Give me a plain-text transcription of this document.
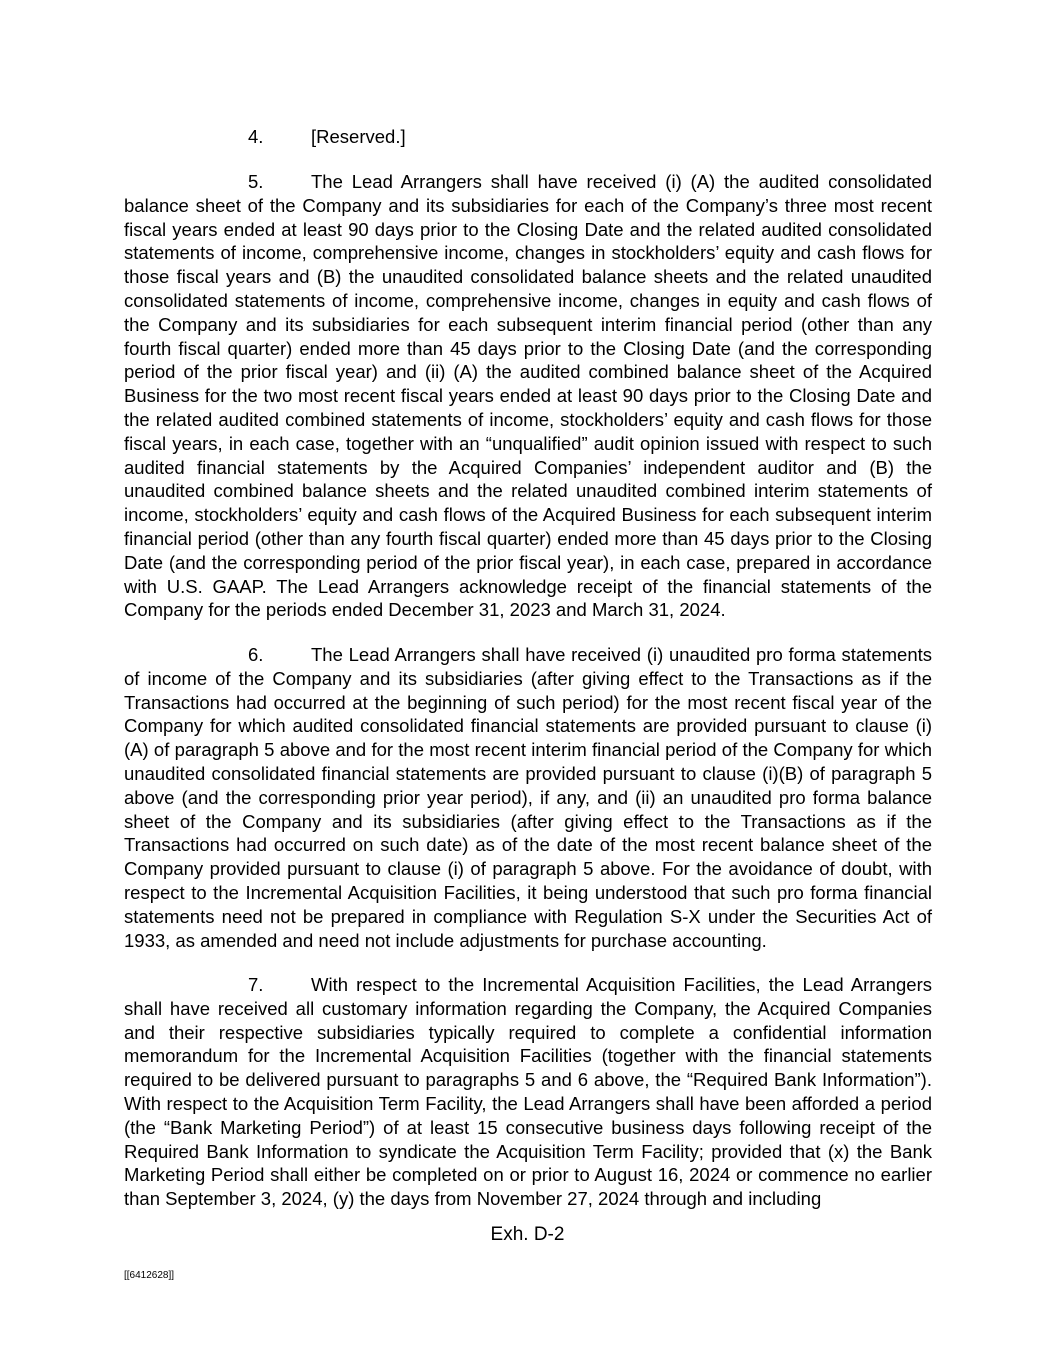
4.	[Reserved.]
5.	The Lead Arrangers shall have received (i) (A) the audited consolidated balance sheet of the Company and its subsidiaries for each of the Company’s three most recent fiscal years ended at least 90 days prior to the Closing Date and the related audited consolidated statements of income, comprehensive income, changes in stockholders’ equity and cash flows for those fiscal years and (B) the unaudited consolidated balance sheets and the related unaudited consolidated statements of income, comprehensive income, changes in equity and cash flows of the Company and its subsidiaries for each subsequent interim financial period (other than any fourth fiscal quarter) ended more than 45 days prior to the Closing Date (and the corresponding period of the prior fiscal year) and (ii) (A) the audited combined balance sheet of the Acquired Business for the two most recent fiscal years ended at least 90 days prior to the Closing Date and the related audited combined statements of income, stockholders’ equity and cash flows for those fiscal years, in each case, together with an “unqualified” audit opinion issued with respect to such audited financial statements by the Acquired Companies’ independent auditor and (B) the unaudited combined balance sheets and the related unaudited combined interim statements of income, stockholders’ equity and cash flows of the Acquired Business for each subsequent interim financial period (other than any fourth fiscal quarter) ended more than 45 days prior to the Closing Date (and the corresponding period of the prior fiscal year), in each case, prepared in accordance with U.S. GAAP. The Lead Arrangers acknowledge receipt of the financial statements of the Company for the periods ended December 31, 2023 and March 31, 2024.
6.	The Lead Arrangers shall have received (i) unaudited pro forma statements of income of the Company and its subsidiaries (after giving effect to the Transactions as if the Transactions had occurred at the beginning of such period) for the most recent fiscal year of the Company for which audited consolidated financial statements are provided pursuant to clause (i)(A) of paragraph 5 above and for the most recent interim financial period of the Company for which unaudited consolidated financial statements are provided pursuant to clause (i)(B) of paragraph 5 above (and the corresponding prior year period), if any, and (ii) an unaudited pro forma balance sheet of the Company and its subsidiaries (after giving effect to the Transactions as if the Transactions had occurred on such date) as of the date of the most recent balance sheet of the Company provided pursuant to clause (i) of paragraph 5 above. For the avoidance of doubt, with respect to the Incremental Acquisition Facilities, it being understood that such pro forma financial statements need not be prepared in compliance with Regulation S-X under the Securities Act of 1933, as amended and need not include adjustments for purchase accounting.
7.	With respect to the Incremental Acquisition Facilities, the Lead Arrangers shall have received all customary information regarding the Company, the Acquired Companies and their respective subsidiaries typically required to complete a confidential information memorandum for the Incremental Acquisition Facilities (together with the financial statements required to be delivered pursuant to paragraphs 5 and 6 above, the “Required Bank Information”). With respect to the Acquisition Term Facility, the Lead Arrangers shall have been afforded a period (the “Bank Marketing Period”) of at least 15 consecutive business days following receipt of the Required Bank Information to syndicate the Acquisition Term Facility; provided that (x) the Bank Marketing Period shall either be completed on or prior to August 16, 2024 or commence no earlier than September 3, 2024, (y) the days from November 27, 2024 through and including
Exh. D-2
[[6412628]]
